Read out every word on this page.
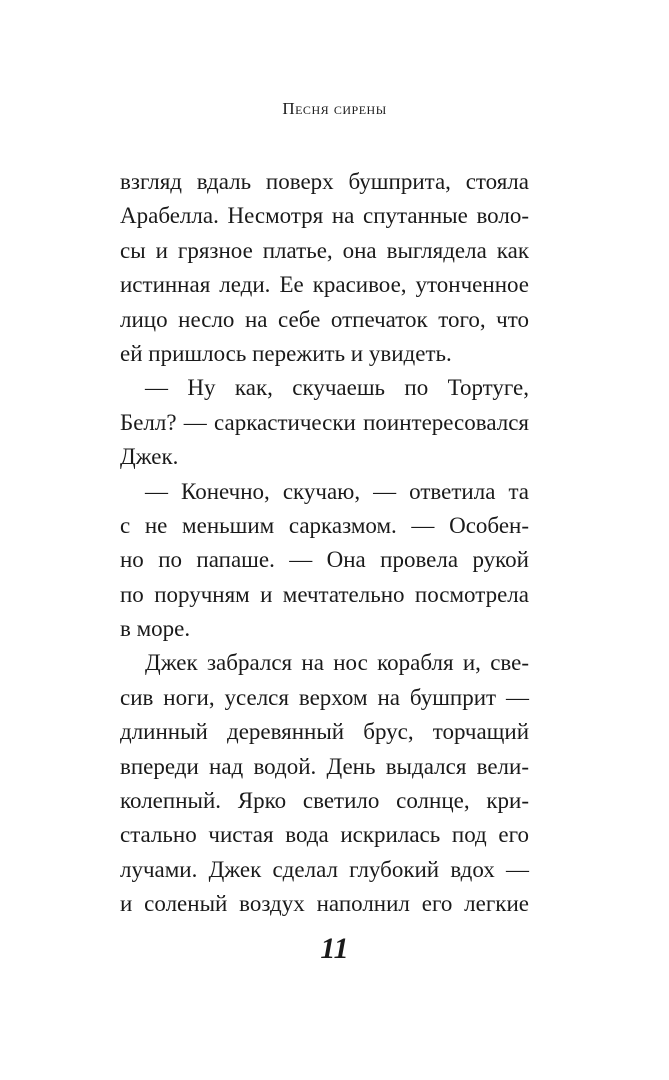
Песня сирены
взгляд вдаль поверх бушприта, стояла
Арабелла. Несмотря на спутанные воло-
сы и грязное платье, она выглядела как
истинная леди. Ее красивое, утонченное
лицо несло на себе отпечаток того, что
ей пришлось пережить и увидеть.
— Ну как, скучаешь по Тортуге,
Белл? — саркастически поинтересовался
Джек.
— Конечно, скучаю, — ответила та
с не меньшим сарказмом. — Особен-
но по папаше. — Она провела рукой
по поручням и мечтательно посмотрела
в море.
Джек забрался на нос корабля и, све-
сив ноги, уселся верхом на бушприт —
длинный деревянный брус, торчащий
впереди над водой. День выдался вели-
колепный. Ярко светило солнце, кри-
стально чистая вода искрилась под его
лучами. Джек сделал глубокий вдох —
и соленый воздух наполнил его легкие
11
